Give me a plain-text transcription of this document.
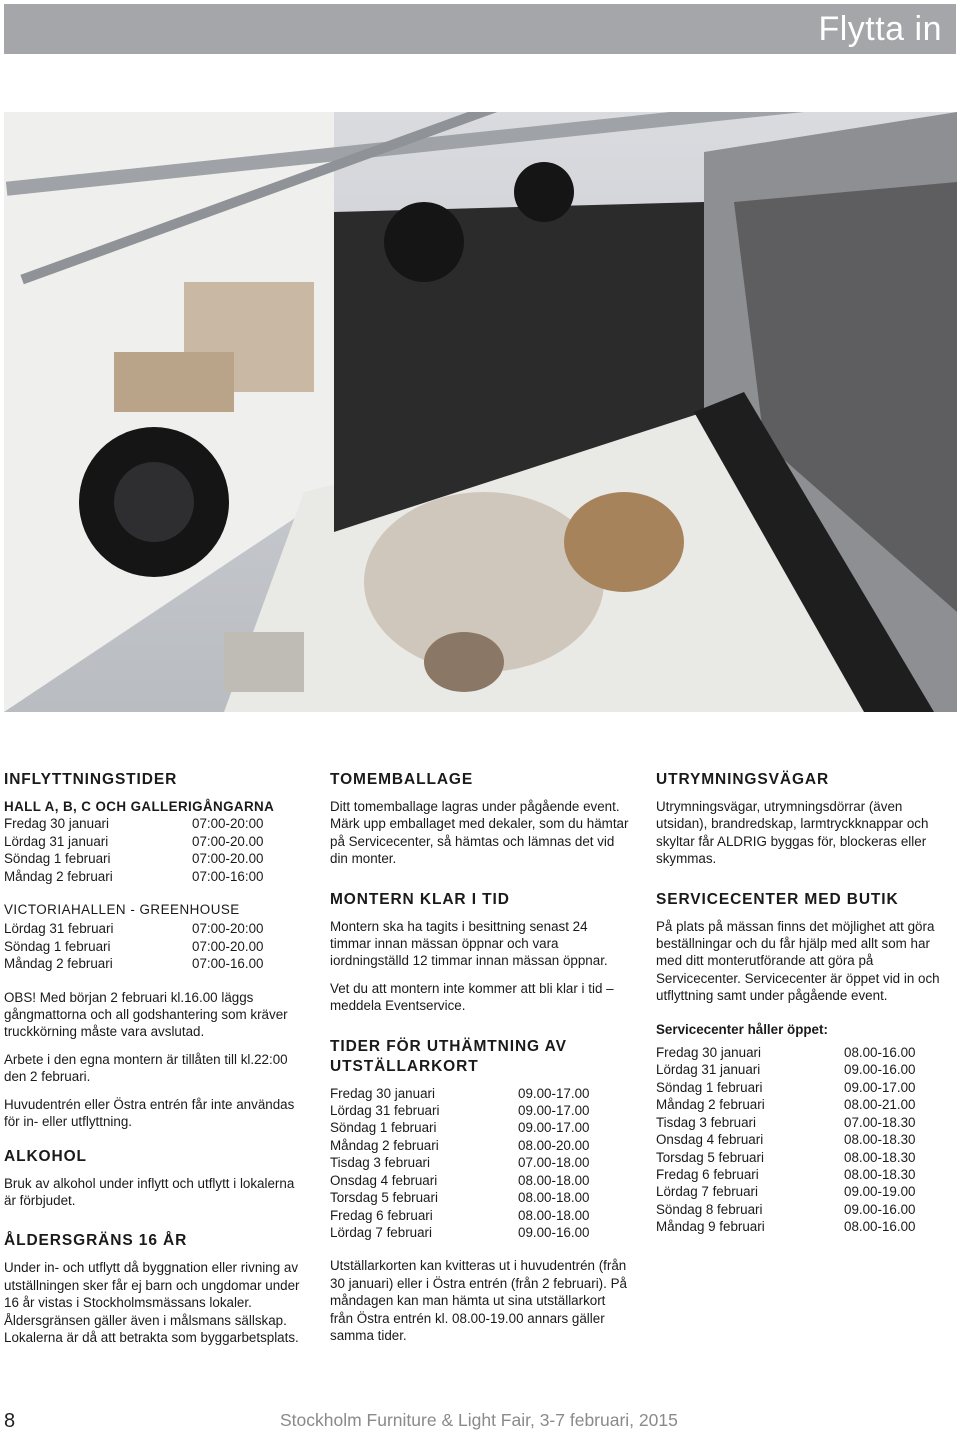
Flytta in
INFLYTTNINGSTIDER
HALL A, B, C OCH GALLERIGÅNGARNA
Fredag 30 januari	07:00-20:00
Lördag 31 januari	07:00-20.00
Söndag 1 februari	07:00-20.00
Måndag 2 februari	07:00-16:00
VICTORIAHALLEN - GREENHOUSE
Lördag 31 februari	07:00-20:00
Söndag 1 februari	07:00-20.00
Måndag 2 februari	07:00-16.00

OBS! Med början 2 februari kl.16.00 läggs gångmattorna och all godshantering som kräver truckkörning måste vara avslutad.

Arbete i den egna montern är tillåten till kl.22:00 den 2 februari.

Huvudentrén eller Östra entrén får inte användas för in- eller utflyttning.

ALKOHOL

Bruk av alkohol under inflytt och utflytt i lokalerna är förbjudet.

ÅLDERSGRÄNS 16 ÅR

Under in- och utflytt då byggnation eller rivning av utställningen sker får ej barn och ungdomar under 16 år vistas i Stockholmsmässans lokaler. Åldersgränsen gäller även i målsmans sällskap. Lokalerna är då att betrakta som byggarbetsplats.

TOMEMBALLAGE

Ditt tomemballage lagras under pågående event. Märk upp emballaget med dekaler, som du hämtar på Servicecenter, så hämtas och lämnas det vid din monter.

MONTERN KLAR I TID

Montern ska ha tagits i besittning senast 24 timmar innan mässan öppnar och vara iordningställd 12 timmar innan mässan öppnar.

Vet du att montern inte kommer att bli klar i tid – meddela Eventservice.

TIDER FÖR UTHÄMTNING AV UTSTÄLLARKORT
Fredag 30 januari	09.00-17.00
Lördag 31 februari	09.00-17.00
Söndag 1 februari	09.00-17.00
Måndag 2 februari	08.00-20.00
Tisdag 3 februari	07.00-18.00
Onsdag 4 februari	08.00-18.00
Torsdag 5 februari	08.00-18.00
Fredag 6 februari	08.00-18.00
Lördag 7 februari	09.00-16.00

Utställarkorten kan kvitteras ut i huvudentrén (från 30 januari) eller i Östra entrén (från 2 februari). På måndagen kan man hämta ut sina utställarkort från Östra entrén kl. 08.00-19.00 annars gäller samma tider.

UTRYMNINGSVÄGAR

Utrymningsvägar, utrymningsdörrar (även utsidan), brandredskap, larmtryckknappar och skyltar får ALDRIG byggas för, blockeras eller skymmas.

SERVICECENTER MED BUTIK

På plats på mässan finns det möjlighet att göra beställningar och du får hjälp med allt som har med ditt monterutförande att göra på Servicecenter. Servicecenter är öppet vid in och utflyttning samt under pågående event.

Servicecenter håller öppet:
Fredag 30 januari	08.00-16.00
Lördag 31 januari	09.00-16.00
Söndag 1 februari	09.00-17.00
Måndag 2 februari	08.00-21.00
Tisdag 3 februari	07.00-18.30
Onsdag 4 februari	08.00-18.30
Torsdag 5 februari	08.00-18.30
Fredag 6 februari	08.00-18.30
Lördag 7 februari	09.00-19.00
Söndag 8 februari	09.00-16.00
Måndag 9 februari	08.00-16.00
8	Stockholm Furniture & Light Fair, 3-7 februari, 2015
